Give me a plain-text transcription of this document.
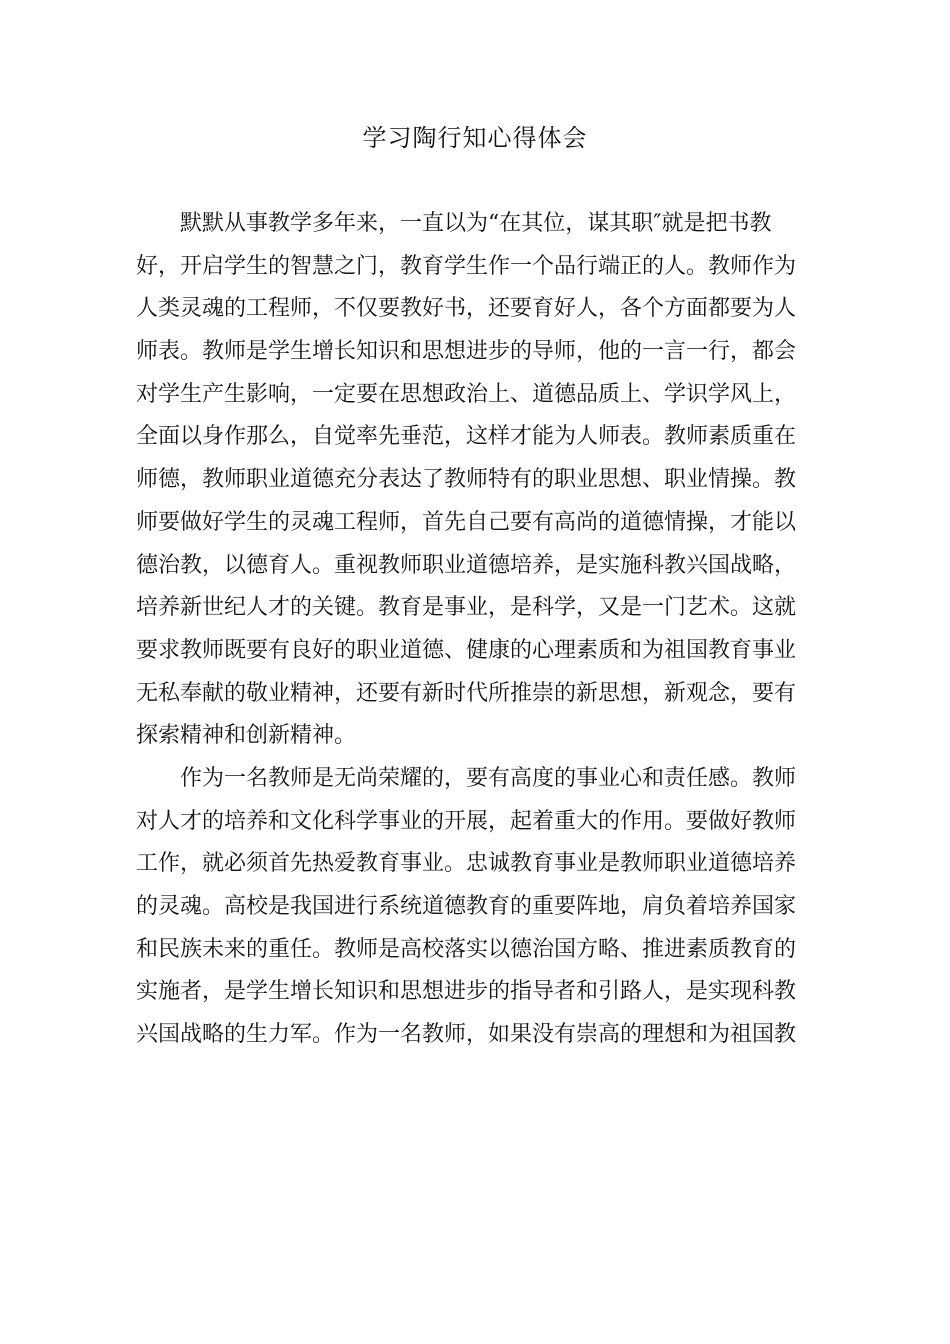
学习陶行知心得体会
默默从事教学多年来，一直以为“在其位，谋其职″就是把书教
好，开启学生的智慧之门，教育学生作一个品行端正的人。教师作为
人类灵魂的工程师，不仅要教好书，还要育好人，各个方面都要为人
师表。教师是学生增长知识和思想进步的导师，他的一言一行，都会
对学生产生影响，一定要在思想政治上、道德品质上、学识学风上，
全面以身作那么，自觉率先垂范，这样才能为人师表。教师素质重在
师德，教师职业道德充分表达了教师特有的职业思想、职业情操。教
师要做好学生的灵魂工程师，首先自己要有高尚的道德情操，才能以
德治教，以德育人。重视教师职业道德培养，是实施科教兴国战略，
培养新世纪人才的关键。教育是事业，是科学，又是一门艺术。这就
要求教师既要有良好的职业道德、健康的心理素质和为祖国教育事业
无私奉献的敬业精神，还要有新时代所推崇的新思想，新观念，要有
探索精神和创新精神。
作为一名教师是无尚荣耀的，要有高度的事业心和责任感。教师
对人才的培养和文化科学事业的开展，起着重大的作用。要做好教师
工作，就必须首先热爱教育事业。忠诚教育事业是教师职业道德培养
的灵魂。高校是我国进行系统道德教育的重要阵地，肩负着培养国家
和民族未来的重任。教师是高校落实以德治国方略、推进素质教育的
实施者，是学生增长知识和思想进步的指导者和引路人，是实现科教
兴国战略的生力军。作为一名教师，如果没有崇高的理想和为祖国教
